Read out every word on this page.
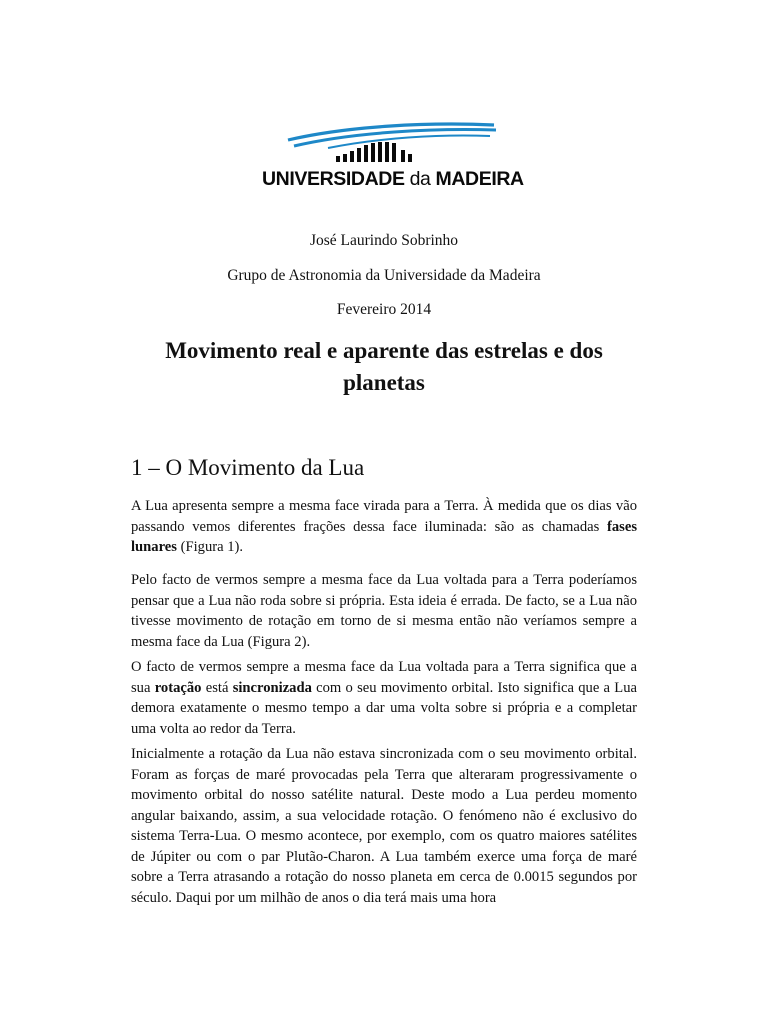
UNIVERSIDADE da MADEIRA
José Laurindo Sobrinho
Grupo de Astronomia da Universidade da Madeira
Fevereiro 2014
Movimento real e aparente das estrelas e dos
planetas
1 – O Movimento da Lua

A Lua apresenta sempre a mesma face virada para a Terra. À medida que os dias vão passando vemos diferentes frações dessa face iluminada: são as chamadas fases lunares (Figura 1).

Pelo facto de vermos sempre a mesma face da Lua voltada para a Terra poderíamos pensar que a Lua não roda sobre si própria. Esta ideia é errada. De facto, se a Lua não tivesse movimento de rotação em torno de si mesma então não veríamos sempre a mesma face da Lua (Figura 2).

O facto de vermos sempre a mesma face da Lua voltada para a Terra significa que a sua rotação está sincronizada com o seu movimento orbital. Isto significa que a Lua demora exatamente o mesmo tempo a dar uma volta sobre si própria e a completar uma volta ao redor da Terra.

Inicialmente a rotação da Lua não estava sincronizada com o seu movimento orbital. Foram as forças de maré provocadas pela Terra que alteraram progressivamente o movimento orbital do nosso satélite natural. Deste modo a Lua perdeu momento angular baixando, assim, a sua velocidade rotação. O fenómeno não é exclusivo do sistema Terra-Lua. O mesmo acontece, por exemplo, com os quatro maiores satélites de Júpiter ou com o par Plutão-Charon. A Lua também exerce uma força de maré sobre a Terra atrasando a rotação do nosso planeta em cerca de 0.0015 segundos por século. Daqui por um milhão de anos o dia terá mais uma hora
